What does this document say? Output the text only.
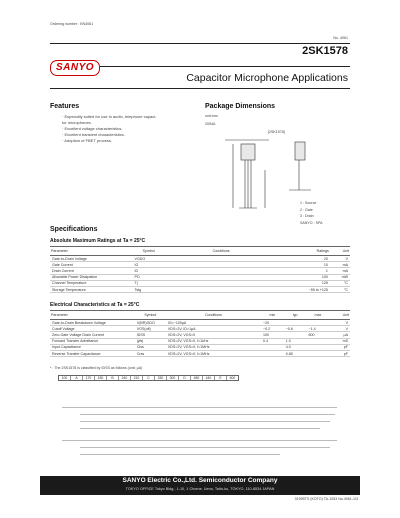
Ordering number : EN4061
No. 4061
2SK1578
SANYO
Capacitor Microphone Applications
Features
· Especially suited for use in audio, telephone capaci-
tor microphones.
· Excellent voltage characteristics.
· Excellent transient characteristics.
· Adoption of FBET process.
Package Dimensions
unit:mm
2054A
[2SK1578]
1 : Source
2 : Gate
3 : Drain
SANYO : SPA
Specifications
Absolute Maximum Ratings at Ta = 25°C
Parameter	Symbol	Conditions	Ratings	Unit
Gate-to-Drain Voltage	VGDO		20	V
Gate Current	IG		10	mA
Drain Current	ID		1	mA
Allowable Power Dissipation	PD		100	mW
Channel Temperature	Tj		125	°C
Storage Temperature	Tstg		−55 to +125	°C
Electrical Characteristics at Ta = 25°C
Parameter	Symbol	Conditions	min	typ	max	Unit
Gate-to-Drain Breakdown Voltage	V(BR)GDO	IG=−100μA	−20			V
Cutoff Voltage	VGS(off)	VDS=2V, ID=1μA	−0.2	−0.6	−1.4	V
Zero-Gate Voltage Drain Current	IDSS	VDS=2V, VGS=0	100		600	μA
Forward Transfer Admittance	|yfs|	VDS=2V, VGS=0, f=1kHz	0.4	1.0		mS
Input Capacitance	Ciss	VDS=2V, VGS=0, f=1MHz		4.0		pF
Reverse Transfer Capacitance	Crss	VDS=2V, VGS=0, f=1MHz		0.85		pF
* : The 2SK1578 is classified by IDSS as follows (unit: μA)
100	A	170	150	B	240	210	C	330	300	D	480	440	E	600
SANYO Electric Co.,Ltd. Semiconductor Company
TOKYO OFFICE Tokyo Bldg., 1-10, 1 Chome, Ueno, Taito-ku, TOKYO, 110-8534 JAPAN
31995TS (KOTO) TA-1053 No.4061-1/3
